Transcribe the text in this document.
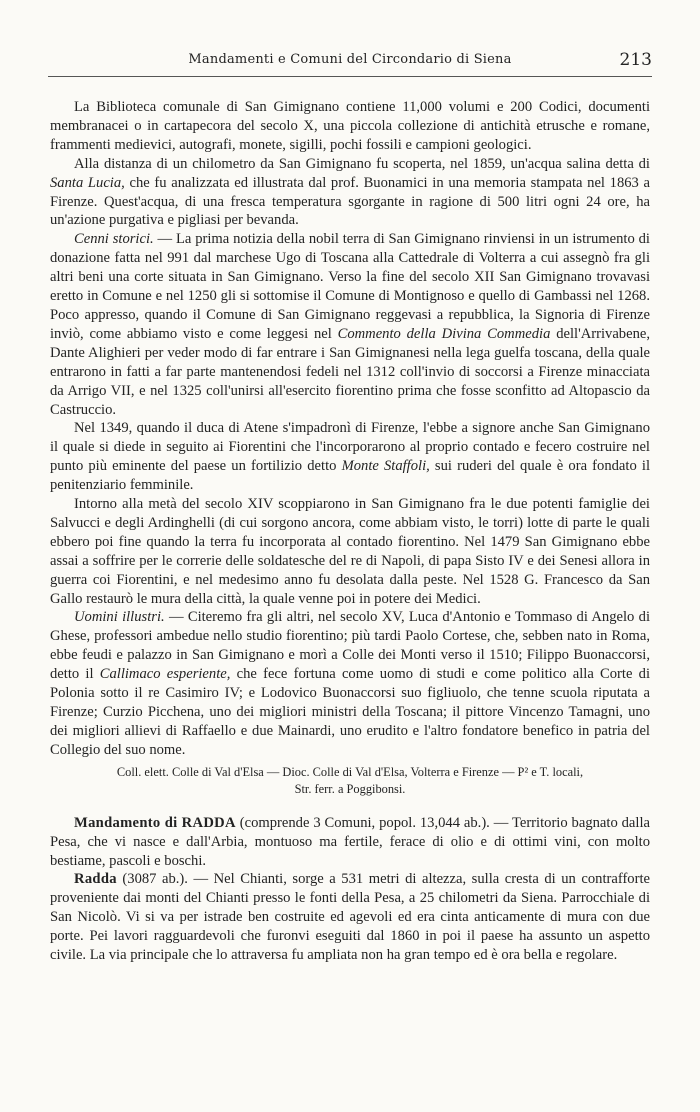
Mandamenti e Comuni del Circondario di Siena	213

La Biblioteca comunale di San Gimignano contiene 11,000 volumi e 200 Codici, documenti membranacei o in cartapecora del secolo X, una piccola collezione di antichità etrusche e romane, frammenti medievici, autografi, monete, sigilli, pochi fossili e campioni geologici.

Alla distanza di un chilometro da San Gimignano fu scoperta, nel 1859, un'acqua salina detta di Santa Lucia, che fu analizzata ed illustrata dal prof. Buonamici in una memoria stampata nel 1863 a Firenze. Quest'acqua, di una fresca temperatura sgorgante in ragione di 500 litri ogni 24 ore, ha un'azione purgativa e pigliasi per bevanda.

Cenni storici. — La prima notizia della nobil terra di San Gimignano rinviensi in un istrumento di donazione fatta nel 991 dal marchese Ugo di Toscana alla Cattedrale di Volterra a cui assegnò fra gli altri beni una corte situata in San Gimignano. Verso la fine del secolo XII San Gimignano trovavasi eretto in Comune e nel 1250 gli si sottomise il Comune di Montignoso e quello di Gambassi nel 1268. Poco appresso, quando il Comune di San Gimignano reggevasi a repubblica, la Signoria di Firenze inviò, come abbiamo visto e come leggesi nel Commento della Divina Commedia dell'Arrivabene, Dante Alighieri per veder modo di far entrare i San Gimignanesi nella lega guelfa toscana, della quale entrarono in fatti a far parte mantenendosi fedeli nel 1312 coll'invio di soccorsi a Firenze minacciata da Arrigo VII, e nel 1325 coll'unirsi all'esercito fiorentino prima che fosse sconfitto ad Altopascio da Castruccio.

Nel 1349, quando il duca di Atene s'impadronì di Firenze, l'ebbe a signore anche San Gimignano il quale si diede in seguito ai Fiorentini che l'incorporarono al proprio contado e fecero costruire nel punto più eminente del paese un fortilizio detto Monte Staffoli, sui ruderi del quale è ora fondato il penitenziario femminile.

Intorno alla metà del secolo XIV scoppiarono in San Gimignano fra le due potenti famiglie dei Salvucci e degli Ardinghelli (di cui sorgono ancora, come abbiam visto, le torri) lotte di parte le quali ebbero poi fine quando la terra fu incorporata al contado fiorentino. Nel 1479 San Gimignano ebbe assai a soffrire per le correrie delle soldatesche del re di Napoli, di papa Sisto IV e dei Senesi allora in guerra coi Fiorentini, e nel medesimo anno fu desolata dalla peste. Nel 1528 G. Francesco da San Gallo restaurò le mura della città, la quale venne poi in potere dei Medici.

Uomini illustri. — Citeremo fra gli altri, nel secolo XV, Luca d'Antonio e Tommaso di Angelo di Ghese, professori ambedue nello studio fiorentino; più tardi Paolo Cortese, che, sebben nato in Roma, ebbe feudi e palazzo in San Gimignano e morì a Colle dei Monti verso il 1510; Filippo Buonaccorsi, detto il Callimaco esperiente, che fece fortuna come uomo di studi e come politico alla Corte di Polonia sotto il re Casimiro IV; e Lodovico Buonaccorsi suo figliuolo, che tenne scuola riputata a Firenze; Curzio Picchena, uno dei migliori ministri della Toscana; il pittore Vincenzo Tamagni, uno dei migliori allievi di Raffaello e due Mainardi, uno erudito e l'altro fondatore benefico in patria del Collegio del suo nome.

Coll. elett. Colle di Val d'Elsa — Dioc. Colle di Val d'Elsa, Volterra e Firenze — P² e T. locali,
Str. ferr. a Poggibonsi.

Mandamento di RADDA (comprende 3 Comuni, popol. 13,044 ab.). — Territorio bagnato dalla Pesa, che vi nasce e dall'Arbia, montuoso ma fertile, ferace di olio e di ottimi vini, con molto bestiame, pascoli e boschi.

Radda (3087 ab.). — Nel Chianti, sorge a 531 metri di altezza, sulla cresta di un contrafforte proveniente dai monti del Chianti presso le fonti della Pesa, a 25 chilometri da Siena. Parrocchiale di San Nicolò. Vi si va per istrade ben costruite ed agevoli ed era cinta anticamente di mura con due porte. Pei lavori ragguardevoli che furonvi eseguiti dal 1860 in poi il paese ha assunto un aspetto civile. La via principale che lo attraversa fu ampliata non ha gran tempo ed è ora bella e regolare.
